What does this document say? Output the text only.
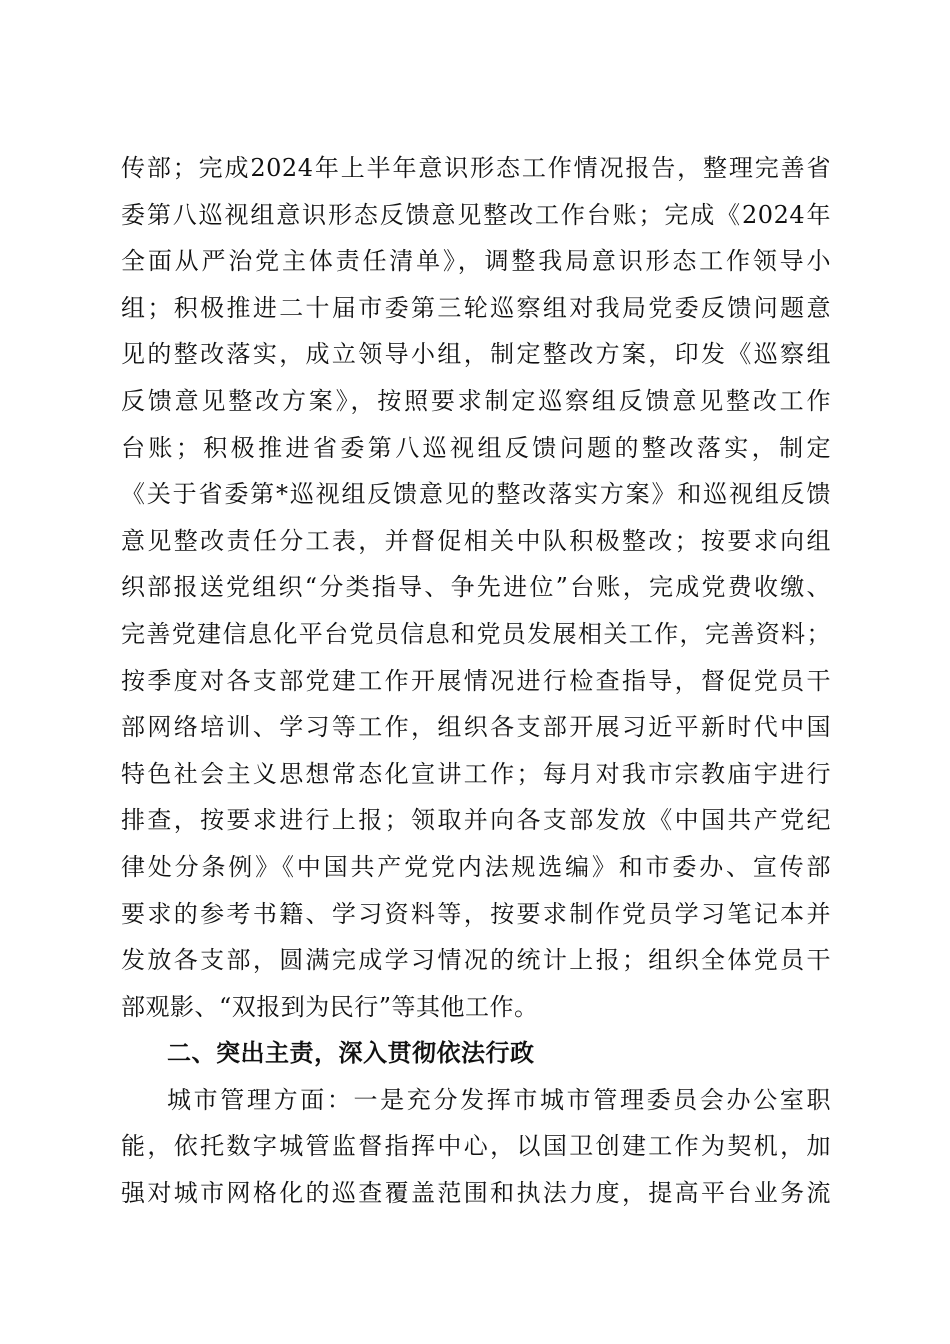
传部；完成2024年上半年意识形态工作情况报告，整理完善省
委第八巡视组意识形态反馈意见整改工作台账；完成《2024年
全面从严治党主体责任清单》，调整我局意识形态工作领导小
组；积极推进二十届市委第三轮巡察组对我局党委反馈问题意
见的整改落实，成立领导小组，制定整改方案，印发《巡察组
反馈意见整改方案》，按照要求制定巡察组反馈意见整改工作
台账；积极推进省委第八巡视组反馈问题的整改落实，制定
《关于省委第*巡视组反馈意见的整改落实方案》和巡视组反馈
意见整改责任分工表，并督促相关中队积极整改；按要求向组
织部报送党组织“分类指导、争先进位”台账，完成党费收缴、
完善党建信息化平台党员信息和党员发展相关工作，完善资料；
按季度对各支部党建工作开展情况进行检查指导，督促党员干
部网络培训、学习等工作，组织各支部开展习近平新时代中国
特色社会主义思想常态化宣讲工作；每月对我市宗教庙宇进行
排查，按要求进行上报；领取并向各支部发放《中国共产党纪
律处分条例》《中国共产党党内法规选编》和市委办、宣传部
要求的参考书籍、学习资料等，按要求制作党员学习笔记本并
发放各支部，圆满完成学习情况的统计上报；组织全体党员干
部观影、“双报到为民行”等其他工作。
二、突出主责，深入贯彻依法行政
城市管理方面：一是充分发挥市城市管理委员会办公室职
能，依托数字城管监督指挥中心，以国卫创建工作为契机，加
强对城市网格化的巡查覆盖范围和执法力度，提高平台业务流
